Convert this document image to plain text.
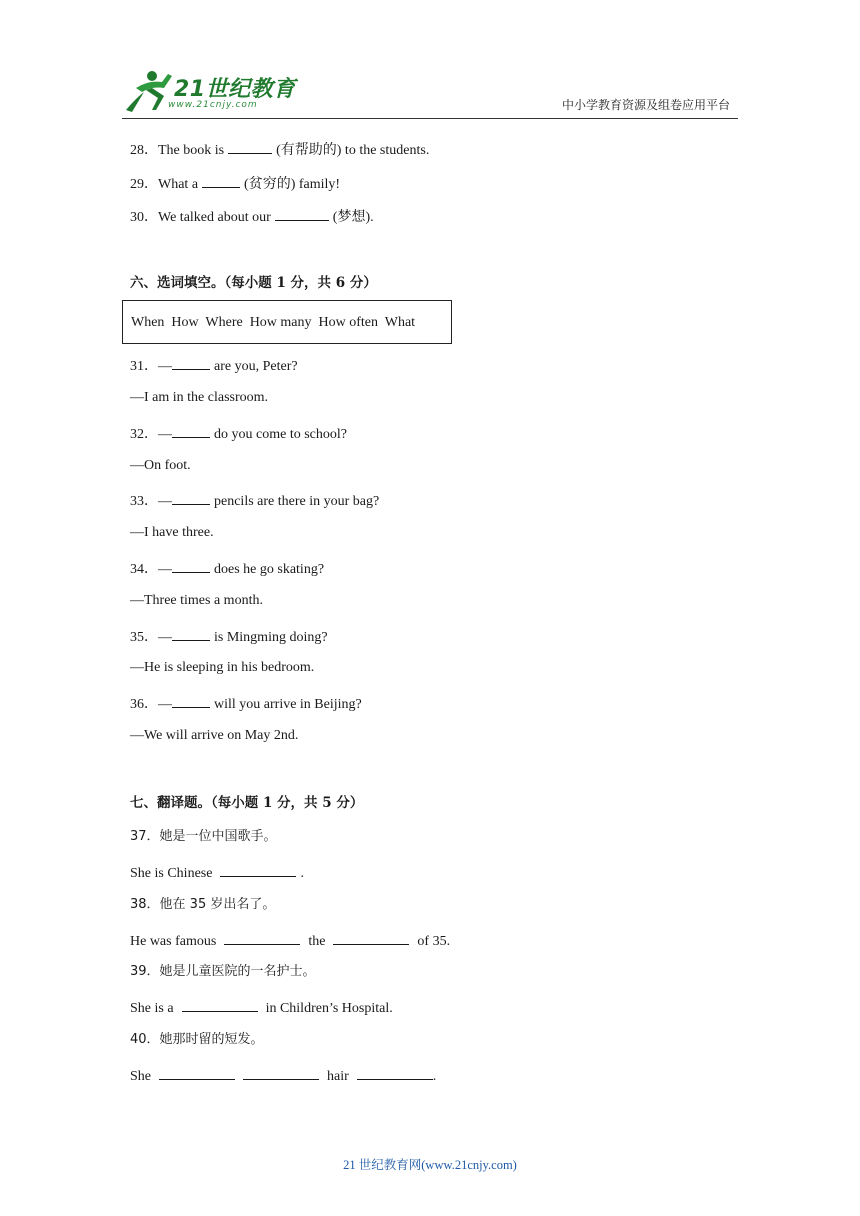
21世纪教育
www.21cnjy.com	中小学教育资源及组卷应用平台
28．The book is	(有帮助的) to the students.
29．What a	(贫穷的) family!
30．We talked about our	(梦想).
六、选词填空。（每小题 1 分，共 6 分）
When  How  Where  How many  How often  What
31．—	are you, Peter?
—I am in the classroom.
32．—	do you come to school?
—On foot.
33．—	pencils are there in your bag?
—I have three.
34．—	does he go skating?
—Three times a month.
35．—	is Mingming doing?
—He is sleeping in his bedroom.
36．—	will you arrive in Beijing?
—We will arrive on May 2nd.
七、翻译题。（每小题 1 分，共 5 分）
37．她是一位中国歌手。
She is Chinese	.
38．他在 35 岁出名了。
He was famous	the	of 35.
39．她是儿童医院的一名护士。
She is a	in Children’s Hospital.
40．她那时留的短发。
She	hair	.
21 世纪教育网(www.21cnjy.com)
